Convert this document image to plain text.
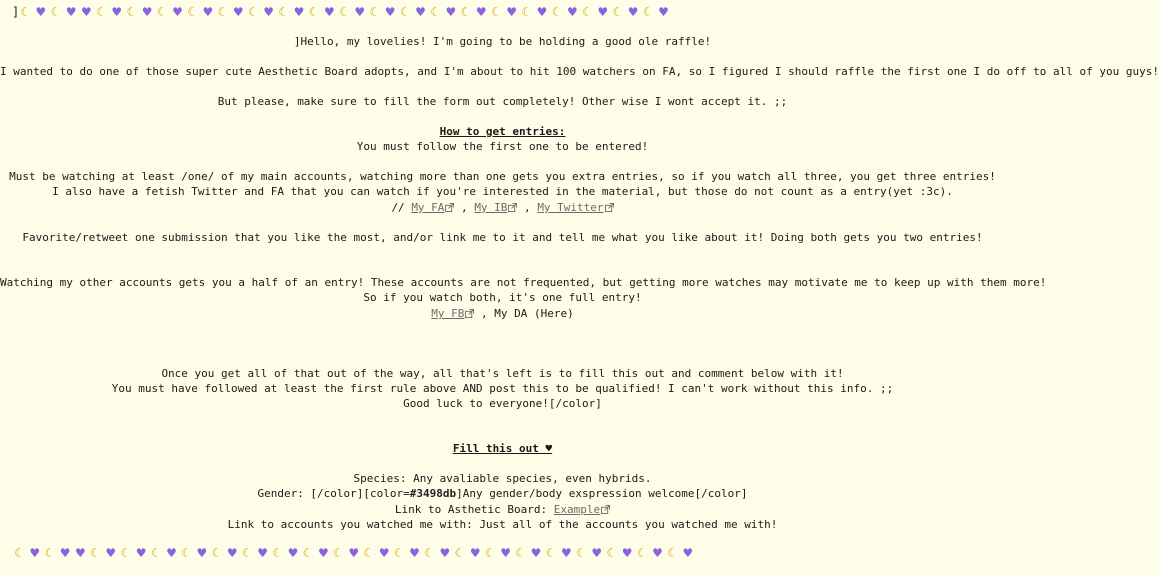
]☾ ♥ ☾ ♥ ♥ ☾ ♥ ☾ ♥ ☾ ♥ ☾ ♥ ☾ ♥ ☾ ♥ ☾ ♥ ☾ ♥ ☾ ♥ ☾ ♥ ☾ ♥ ☾ ♥ ☾ ♥ ☾ ♥ ☾ ♥ ☾ ♥ ☾ ♥ ☾ ♥ ☾ ♥
]Hello, my lovelies! I'm going to be holding a good ole raffle!
I wanted to do one of those super cute Aesthetic Board adopts, and I'm about to hit 100 watchers on FA, so I figured I should raffle the first one I do off to all of you guys!
But please, make sure to fill the form out completely! Other wise I wont accept it. ;;
How to get entries:
You must follow the first one to be entered!
Must be watching at least /one/ of my main accounts, watching more than one gets you extra entries, so if you watch all three, you get three entries!
I also have a fetish Twitter and FA that you can watch if you're interested in the material, but those do not count as a entry(yet :3c).
// My FA , My IB , My Twitter
Favorite/retweet one submission that you like the most, and/or link me to it and tell me what you like about it! Doing both gets you two entries!
Watching my other accounts gets you a half of an entry! These accounts are not frequented, but getting more watches may motivate me to keep up with them more!
So if you watch both, it's one full entry!
My FB , My DA (Here)
Once you get all of that out of the way, all that's left is to fill this out and comment below with it!
You must have followed at least the first rule above AND post this to be qualified! I can't work without this info. ;;
Good luck to everyone![/color]
Fill this out ♥
Species: Any avaliable species, even hybrids.
Gender: [/color][color=#3498db]Any gender/body exspression welcome[/color]
Link to Asthetic Board: Example
Link to accounts you watched me with: Just all of the accounts you watched me with!
☾ ♥ ☾ ♥ ♥ ☾ ♥ ☾ ♥ ☾ ♥ ☾ ♥ ☾ ♥ ☾ ♥ ☾ ♥ ☾ ♥ ☾ ♥ ☾ ♥ ☾ ♥ ☾ ♥ ☾ ♥ ☾ ♥ ☾ ♥ ☾ ♥ ☾ ♥ ☾ ♥ ☾ ♥ ☾ ♥
